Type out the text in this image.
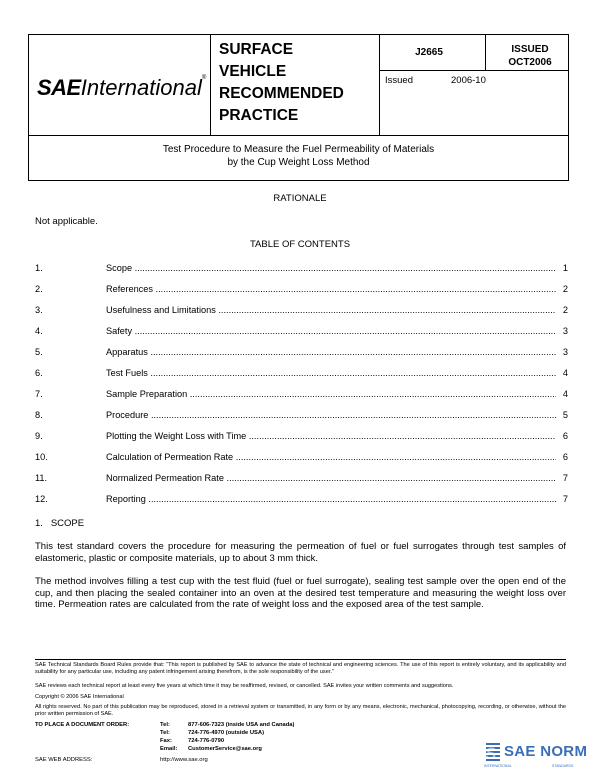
SAEInternational®
SURFACE
VEHICLE
RECOMMENDED
PRACTICE
J2665
Issued	2006-10
ISSUED
OCT2006
Test Procedure to Measure the Fuel Permeability of Materials
by the Cup Weight Loss Method
RATIONALE
Not applicable.
TABLE OF CONTENTS
1.	Scope .....	1
2.	References .....	2
3.	Usefulness and Limitations .....	2
4.	Safety .....	3
5.	Apparatus .....	3
6.	Test Fuels .....	4
7.	Sample Preparation .....	4
8.	Procedure .....	5
9.	Plotting the Weight Loss with Time .....	6
10.	Calculation of Permeation Rate .....	6
11.	Normalized Permeation Rate .....	7
12.	Reporting .....	7
1.   SCOPE
This test standard covers the procedure for measuring the permeation of fuel or fuel surrogates through test samples of elastomeric, plastic or composite materials, up to about 3 mm thick.
The method involves filling a test cup with the test fluid (fuel or fuel surrogate), sealing test sample over the open end of the cup, and then placing the sealed container into an oven at the desired test temperature and measuring the weight loss over time. Permeation rates are calculated from the rate of weight loss and the exposed area of the test sample.
SAE Technical Standards Board Rules provide that: “This report is published by SAE to advance the state of technical and engineering sciences. The use of this report is entirely voluntary, and its applicability and suitability for any particular use, including any patent infringement arising therefrom, is the sole responsibility of the user.”
SAE reviews each technical report at least every five years at which time it may be reaffirmed, revised, or cancelled. SAE invites your written comments and suggestions.
Copyright © 2006 SAE International
All rights reserved. No part of this publication may be reproduced, stored in a retrieval system or transmitted, in any form or by any means, electronic, mechanical, photocopying, recording, or otherwise, without the prior written permission of SAE.
TO PLACE A DOCUMENT ORDER:	Tel:	877-606-7323 (inside USA and Canada)
Tel:	724-776-4970 (outside USA)
Fax:	724-776-0790
Email: CustomerService@sae.org
SAE WEB ADDRESS:	http://www.sae.org	S SAE NORM
INTERNATIONAL	STANDARDS
